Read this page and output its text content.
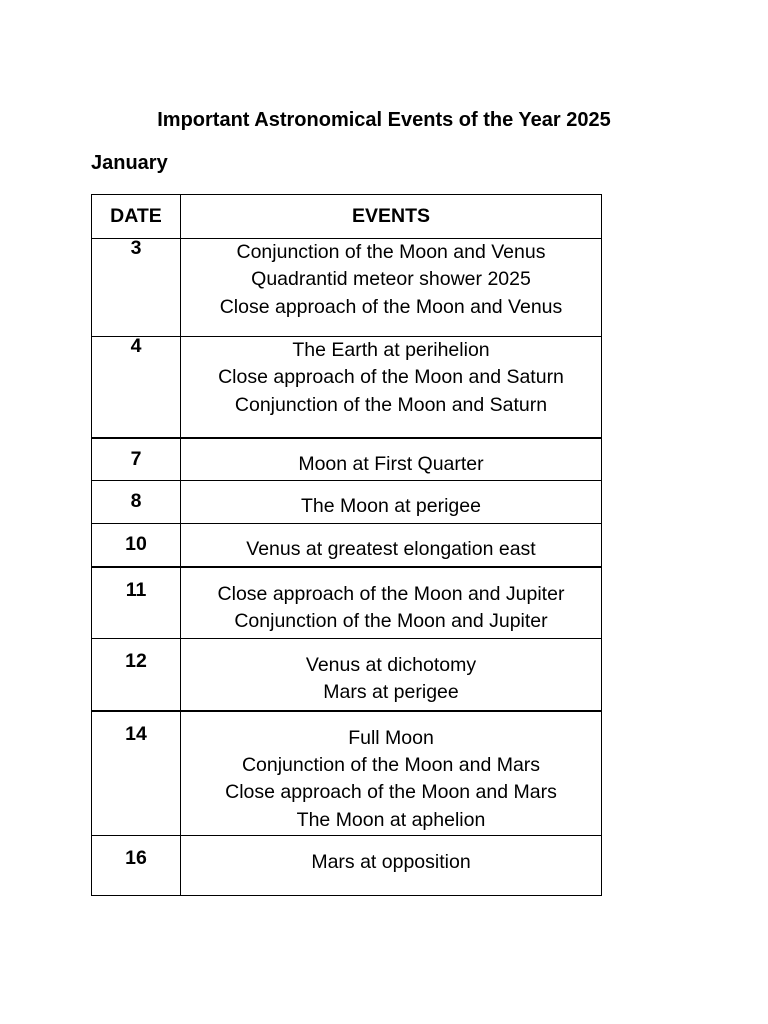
Important Astronomical Events of the Year 2025
January
DATE	EVENTS

3	Conjunction of the Moon and Venus
Quadrantid meteor shower 2025
Close approach of the Moon and Venus

4	The Earth at perihelion
Close approach of the Moon and Saturn
Conjunction of the Moon and Saturn

7	Moon at First Quarter

8	The Moon at perigee

10	Venus at greatest elongation east

11	Close approach of the Moon and Jupiter
Conjunction of the Moon and Jupiter

12	Venus at dichotomy
Mars at perigee

14	Full Moon
Conjunction of the Moon and Mars
Close approach of the Moon and Mars
The Moon at aphelion

16	Mars at opposition
